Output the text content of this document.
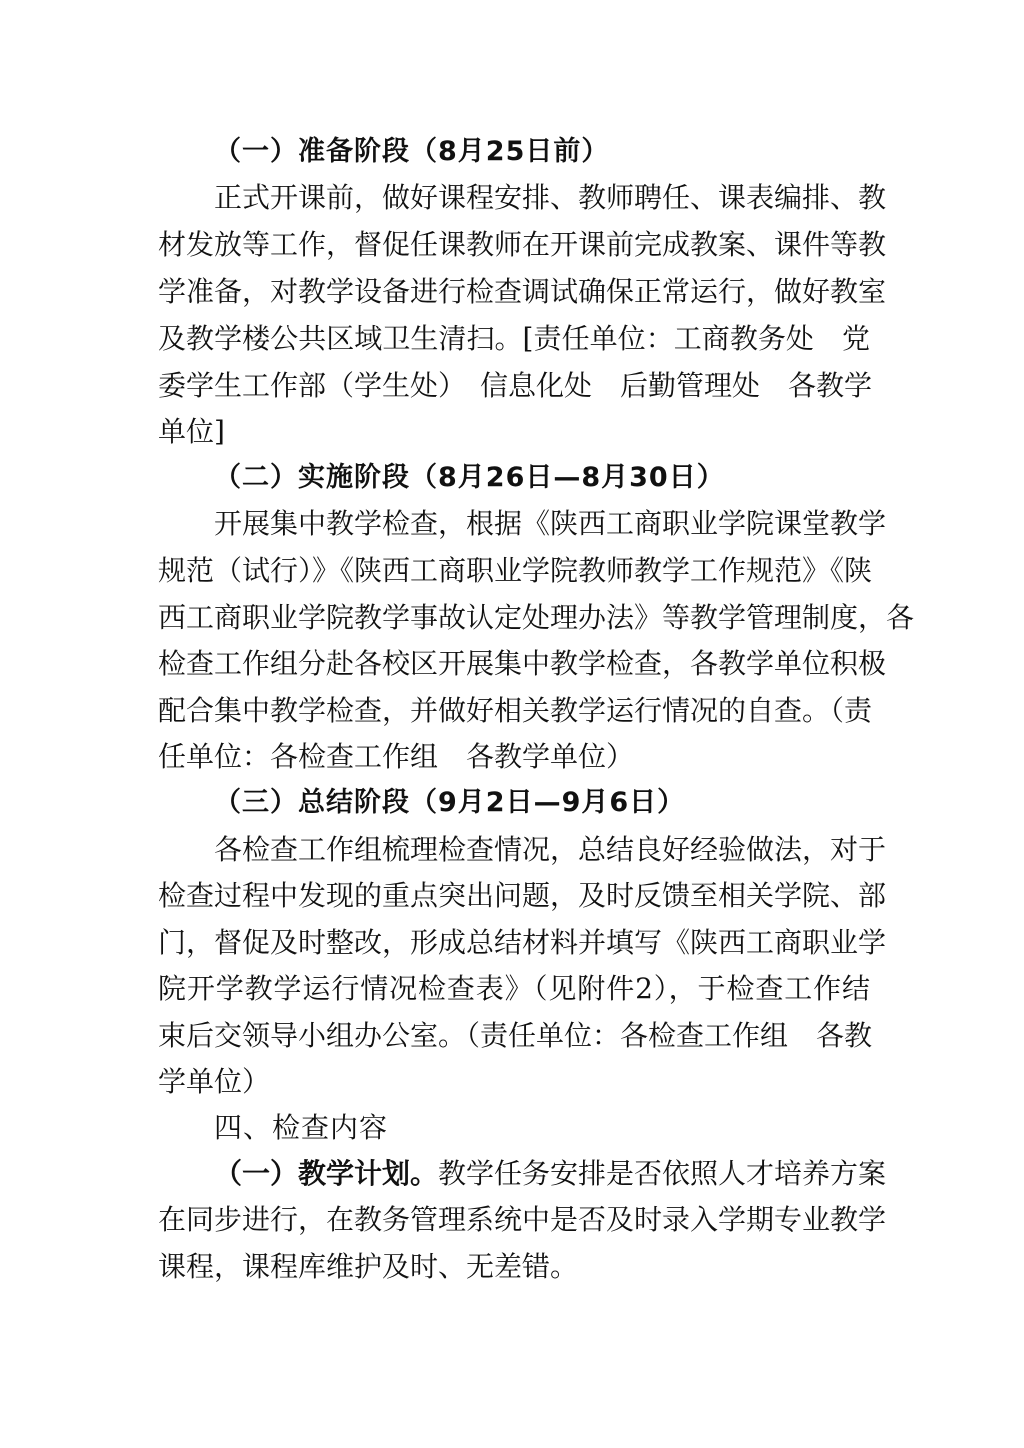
（一）准备阶段（8月25日前）
正式开课前，做好课程安排、教师聘任、课表编排、教
材发放等工作，督促任课教师在开课前完成教案、课件等教
学准备，对教学设备进行检查调试确保正常运行，做好教室
及教学楼公共区域卫生清扫。[责任单位：工商教务处　党
委学生工作部（学生处）　信息化处　后勤管理处　各教学
单位]
（二）实施阶段（8月26日—8月30日）
开展集中教学检查，根据《陕西工商职业学院课堂教学
规范（试行）》《陕西工商职业学院教师教学工作规范》《陕
西工商职业学院教学事故认定处理办法》等教学管理制度，各
检查工作组分赴各校区开展集中教学检查，各教学单位积极
配合集中教学检查，并做好相关教学运行情况的自查。（责
任单位：各检查工作组　各教学单位）
（三）总结阶段（9月2日—9月6日）
各检查工作组梳理检查情况，总结良好经验做法，对于
检查过程中发现的重点突出问题，及时反馈至相关学院、部
门，督促及时整改，形成总结材料并填写《陕西工商职业学
院开学教学运行情况检查表》（见附件2），于检查工作结
束后交领导小组办公室。（责任单位：各检查工作组　各教
学单位）
四、检查内容
（一）教学计划。教学任务安排是否依照人才培养方案
在同步进行，在教务管理系统中是否及时录入学期专业教学
课程，课程库维护及时、无差错。
